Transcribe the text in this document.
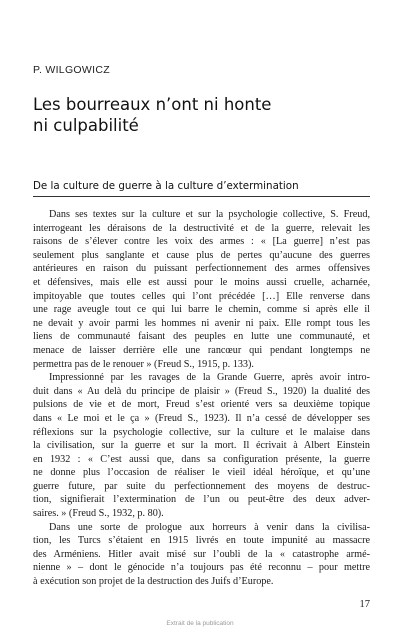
P. WILGOWICZ
Les bourreaux n’ont ni honte
ni culpabilité
De la culture de guerre à la culture d’extermination
Dans ses textes sur la culture et sur la psychologie collective, S. Freud,
interrogeant les déraisons de la destructivité et de la guerre, relevait les
raisons de s’élever contre les voix des armes : « [La guerre] n’est pas
seulement plus sanglante et cause plus de pertes qu’aucune des guerres
antérieures en raison du puissant perfectionnement des armes offensives
et défensives, mais elle est aussi pour le moins aussi cruelle, acharnée,
impitoyable que toutes celles qui l’ont précédée […] Elle renverse dans
une rage aveugle tout ce qui lui barre le chemin, comme si après elle il
ne devait y avoir parmi les hommes ni avenir ni paix. Elle rompt tous les
liens de communauté faisant des peuples en lutte une communauté, et
menace de laisser derrière elle une rancœur qui pendant longtemps ne
permettra pas de le renouer » (Freud S., 1915, p. 133).
Impressionné par les ravages de la Grande Guerre, après avoir intro-
duit dans « Au delà du principe de plaisir » (Freud S., 1920) la dualité des
pulsions de vie et de mort, Freud s’est orienté vers sa deuxième topique
dans « Le moi et le ça » (Freud S., 1923). Il n’a cessé de développer ses
réflexions sur la psychologie collective, sur la culture et le malaise dans
la civilisation, sur la guerre et sur la mort. Il écrivait à Albert Einstein
en 1932 : « C’est aussi que, dans sa configuration présente, la guerre
ne donne plus l’occasion de réaliser le vieil idéal héroïque, et qu’une
guerre future, par suite du perfectionnement des moyens de destruc-
tion, signifierait l’extermination de l’un ou peut-être des deux adver-
saires. » (Freud S., 1932, p. 80).
Dans une sorte de prologue aux horreurs à venir dans la civilisa-
tion, les Turcs s’étaient en 1915 livrés en toute impunité au massacre
des Arméniens. Hitler avait misé sur l’oubli de la « catastrophe armé-
nienne » – dont le génocide n’a toujours pas été reconnu – pour mettre
à exécution son projet de la destruction des Juifs d’Europe.
17
Extrait de la publication
